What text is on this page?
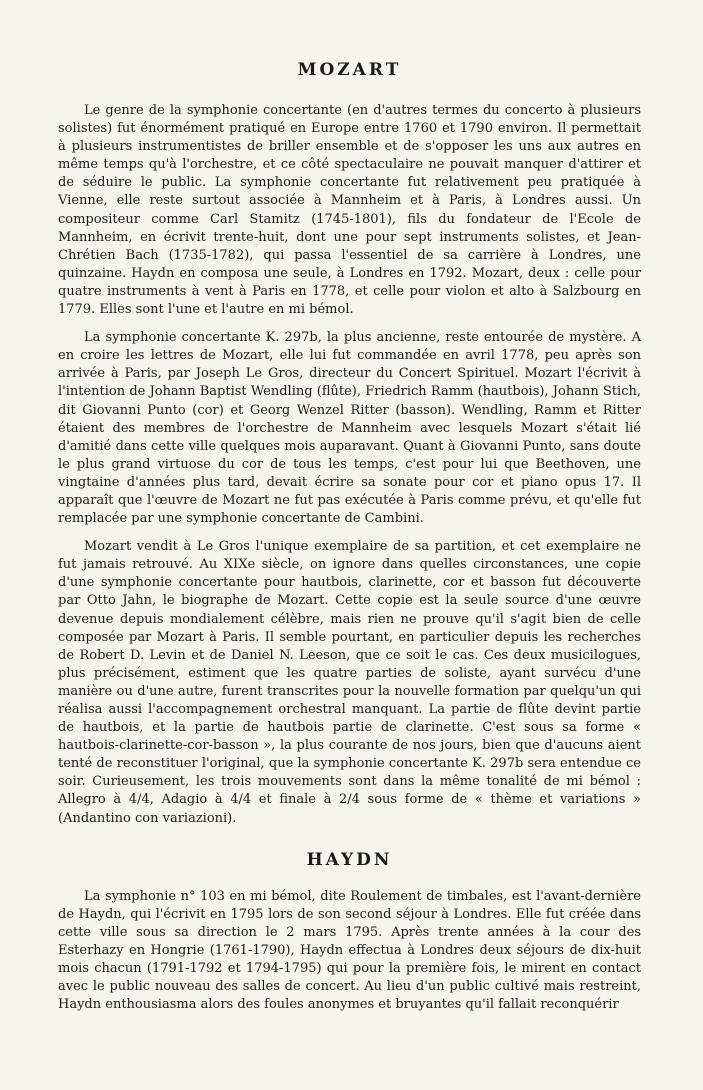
MOZART

Le genre de la symphonie concertante (en d'autres termes du concerto à plusieurs solistes) fut énormément pratiqué en Europe entre 1760 et 1790 environ. Il permettait à plusieurs instrumentistes de briller ensemble et de s'opposer les uns aux autres en même temps qu'à l'orchestre, et ce côté spectaculaire ne pouvait manquer d'attirer et de séduire le public. La symphonie concertante fut relativement peu pratiquée à Vienne, elle reste surtout associée à Mannheim et à Paris, à Londres aussi. Un compositeur comme Carl Stamitz (1745-1801), fils du fondateur de l'Ecole de Mannheim, en écrivit trente-huit, dont une pour sept instruments solistes, et Jean-Chrétien Bach (1735-1782), qui passa l'essentiel de sa carrière à Londres, une quinzaine. Haydn en composa une seule, à Londres en 1792. Mozart, deux : celle pour quatre instruments à vent à Paris en 1778, et celle pour violon et alto à Salzbourg en 1779. Elles sont l'une et l'autre en mi bémol.

La symphonie concertante K. 297b, la plus ancienne, reste entourée de mystère. A en croire les lettres de Mozart, elle lui fut commandée en avril 1778, peu après son arrivée à Paris, par Joseph Le Gros, directeur du Concert Spirituel. Mozart l'écrivit à l'intention de Johann Baptist Wendling (flûte), Friedrich Ramm (hautbois), Johann Stich, dit Giovanni Punto (cor) et Georg Wenzel Ritter (basson). Wendling, Ramm et Ritter étaient des membres de l'orchestre de Mannheim avec lesquels Mozart s'était lié d'amitié dans cette ville quelques mois auparavant. Quant à Giovanni Punto, sans doute le plus grand virtuose du cor de tous les temps, c'est pour lui que Beethoven, une vingtaine d'années plus tard, devait écrire sa sonate pour cor et piano opus 17. Il apparaît que l'œuvre de Mozart ne fut pas exécutée à Paris comme prévu, et qu'elle fut remplacée par une symphonie concertante de Cambini.

Mozart vendit à Le Gros l'unique exemplaire de sa partition, et cet exemplaire ne fut jamais retrouvé. Au XIXe siècle, on ignore dans quelles circonstances, une copie d'une symphonie concertante pour hautbois, clarinette, cor et basson fut découverte par Otto Jahn, le biographe de Mozart. Cette copie est la seule source d'une œuvre devenue depuis mondialement célèbre, mais rien ne prouve qu'il s'agit bien de celle composée par Mozart à Paris. Il semble pourtant, en particulier depuis les recherches de Robert D. Levin et de Daniel N. Leeson, que ce soit le cas. Ces deux musicilogues, plus précisément, estiment que les quatre parties de soliste, ayant survécu d'une manière ou d'une autre, furent transcrites pour la nouvelle formation par quelqu'un qui réalisa aussi l'accompagnement orchestral manquant. La partie de flûte devint partie de hautbois, et la partie de hautbois partie de clarinette. C'est sous sa forme « hautbois-clarinette-cor-basson », la plus courante de nos jours, bien que d'aucuns aient tenté de reconstituer l'original, que la symphonie concertante K. 297b sera entendue ce soir. Curieusement, les trois mouvements sont dans la même tonalité de mi bémol : Allegro à 4/4, Adagio à 4/4 et finale à 2/4 sous forme de « thème et variations » (Andantino con variazioni).

HAYDN

La symphonie n° 103 en mi bémol, dite Roulement de timbales, est l'avant-dernière de Haydn, qui l'écrivit en 1795 lors de son second séjour à Londres. Elle fut créée dans cette ville sous sa direction le 2 mars 1795. Après trente années à la cour des Esterhazy en Hongrie (1761-1790), Haydn effectua à Londres deux séjours de dix-huit mois chacun (1791-1792 et 1794-1795) qui pour la première fois, le mirent en contact avec le public nouveau des salles de concert. Au lieu d'un public cultivé mais restreint, Haydn enthousiasma alors des foules anonymes et bruyantes qu'il fallait reconquérir
